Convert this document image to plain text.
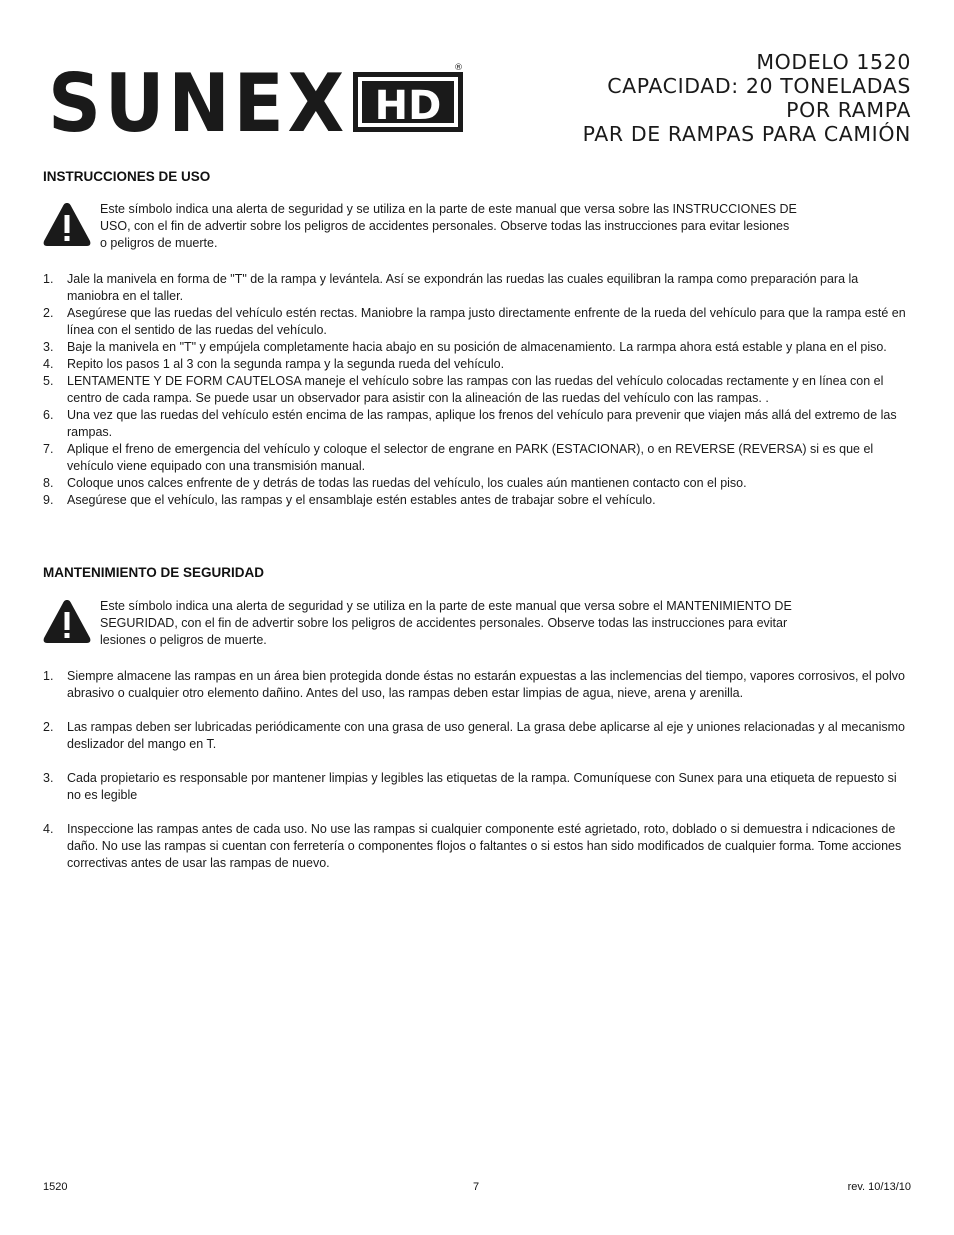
SUNEX HD
®	MODELO 1520
CAPACIDAD: 20 TONELADAS
POR RAMPA
PAR DE RAMPAS PARA CAMIÓN
INSTRUCCIONES DE USO
Este símbolo indica una alerta de seguridad y se utiliza en la parte de este manual que versa sobre las INSTRUCCIONES DE
USO, con el fin de advertir sobre los peligros de accidentes personales. Observe todas las instrucciones para evitar lesiones
o peligros de muerte.
1. Jale la manivela en forma de "T" de la rampa y levántela. Así se expondrán las ruedas las cuales equilibran la rampa como preparación para la maniobra en el taller.
2. Asegúrese que las ruedas del vehículo estén rectas. Maniobre la rampa justo directamente enfrente de la rueda del vehículo para que la rampa esté en línea con el sentido de las ruedas del vehículo.
3. Baje la manivela en "T" y empújela completamente hacia abajo en su posición de almacenamiento. La rarmpa ahora está estable y plana en el piso.
4. Repito los pasos 1 al 3 con la segunda rampa y la segunda rueda del vehículo.
5. LENTAMENTE Y DE FORM CAUTELOSA maneje el vehículo sobre las rampas con las ruedas del vehículo colocadas rectamente y en línea con el centro de cada rampa. Se puede usar un observador para asistir con la alineación de las ruedas del vehículo con las rampas. .
6. Una vez que las ruedas del vehículo estén encima de las rampas, aplique los frenos del vehículo para prevenir que viajen más allá del extremo de las rampas.
7. Aplique el freno de emergencia del vehículo y coloque el selector de engrane en PARK (ESTACIONAR), o en REVERSE (REVERSA) si es que el vehículo viene equipado con una transmisión manual.
8. Coloque unos calces enfrente de y detrás de todas las ruedas del vehículo, los cuales aún mantienen contacto con el piso.
9. Asegúrese que el vehículo, las rampas y el ensamblaje estén estables antes de trabajar sobre el vehículo.
MANTENIMIENTO DE SEGURIDAD
Este símbolo indica una alerta de seguridad y se utiliza en la parte de este manual que versa sobre el MANTENIMIENTO DE
SEGURIDAD, con el fin de advertir sobre los peligros de accidentes personales. Observe todas las instrucciones para evitar
lesiones o peligros de muerte.
1. Siempre almacene las rampas en un área bien protegida donde éstas no estarán expuestas a las inclemencias del tiempo, vapores corrosivos, el polvo abrasivo o cualquier otro elemento dañino. Antes del uso, las rampas deben estar limpias de agua, nieve, arena y arenilla.
2. Las rampas deben ser lubricadas periódicamente con una grasa de uso general. La grasa debe aplicarse al eje y uniones relacionadas y al mecanismo deslizador del mango en T.
3. Cada propietario es responsable por mantener limpias y legibles las etiquetas de la rampa. Comuníquese con Sunex para una etiqueta de repuesto si no es legible
4. Inspeccione las rampas antes de cada uso. No use las rampas si cualquier componente esté agrietado, roto, doblado o si demuestra i ndicaciones de daño. No use las rampas si cuentan con ferretería o componentes flojos o faltantes o si estos han sido modificados de cualquier forma. Tome acciones correctivas antes de usar las rampas de nuevo.
1520	7	rev. 10/13/10
